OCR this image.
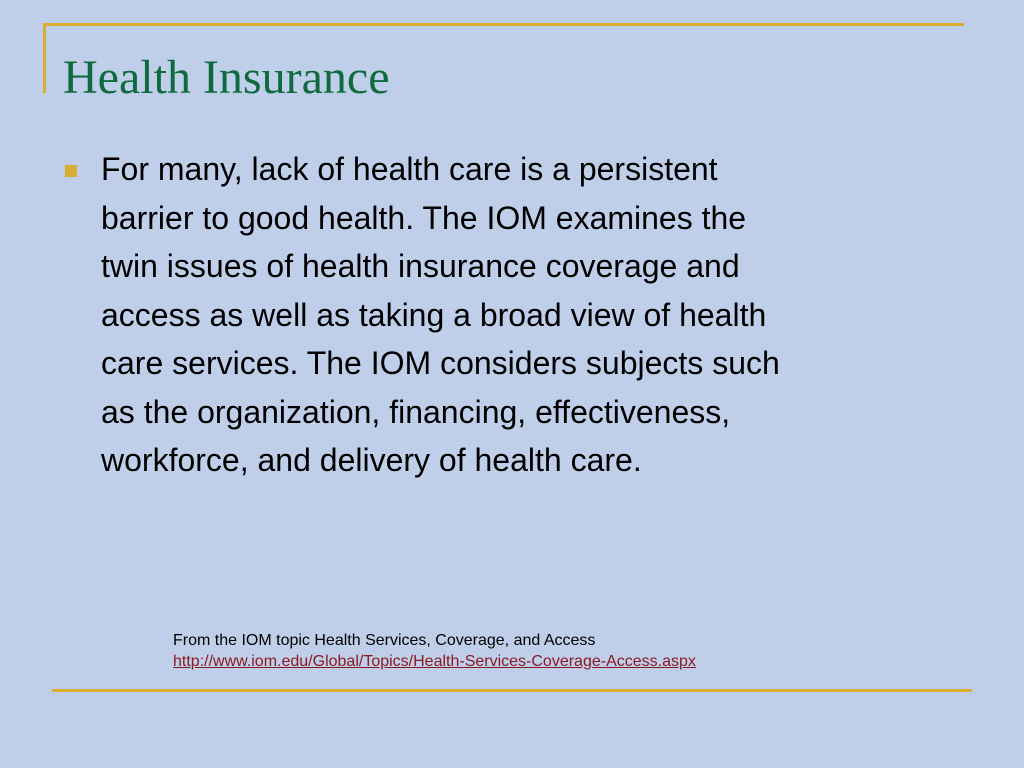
Health Insurance
For many, lack of health care is a persistent
barrier to good health. The IOM examines the
twin issues of health insurance coverage and
access as well as taking a broad view of health
care services. The IOM considers subjects such
as the organization, financing, effectiveness,
workforce, and delivery of health care.
From the IOM topic Health Services, Coverage, and Access
http://www.iom.edu/Global/Topics/Health-Services-Coverage-Access.aspx
